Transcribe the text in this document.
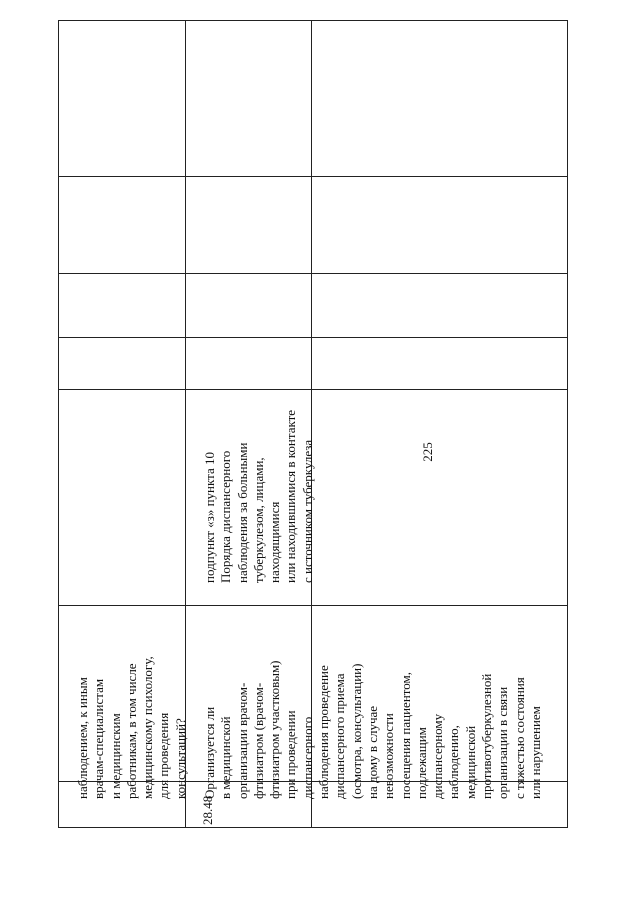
225
наблюдением, к иным врачам-специалистам и медицинским работникам, в том числе медицинскому психологу, для проведения консультаций?
28.48
Организуется ли в медицинской организации врачом- фтизиатром (врачом- фтизиатром участковым) при проведении диспансерного наблюдения проведение диспансерного приема (осмотра, консультации) на дому в случае невозможности посещения пациентом, подлежащим диспансерному наблюдению, медицинской противотуберкулезной организации в связи с тяжестью состояния или нарушением
подпункт «з» пункта 10 Порядка диспансерного наблюдения за больными туберкулезом, лицами, находящимися или находившимися в контакте с источником туберкулеза
